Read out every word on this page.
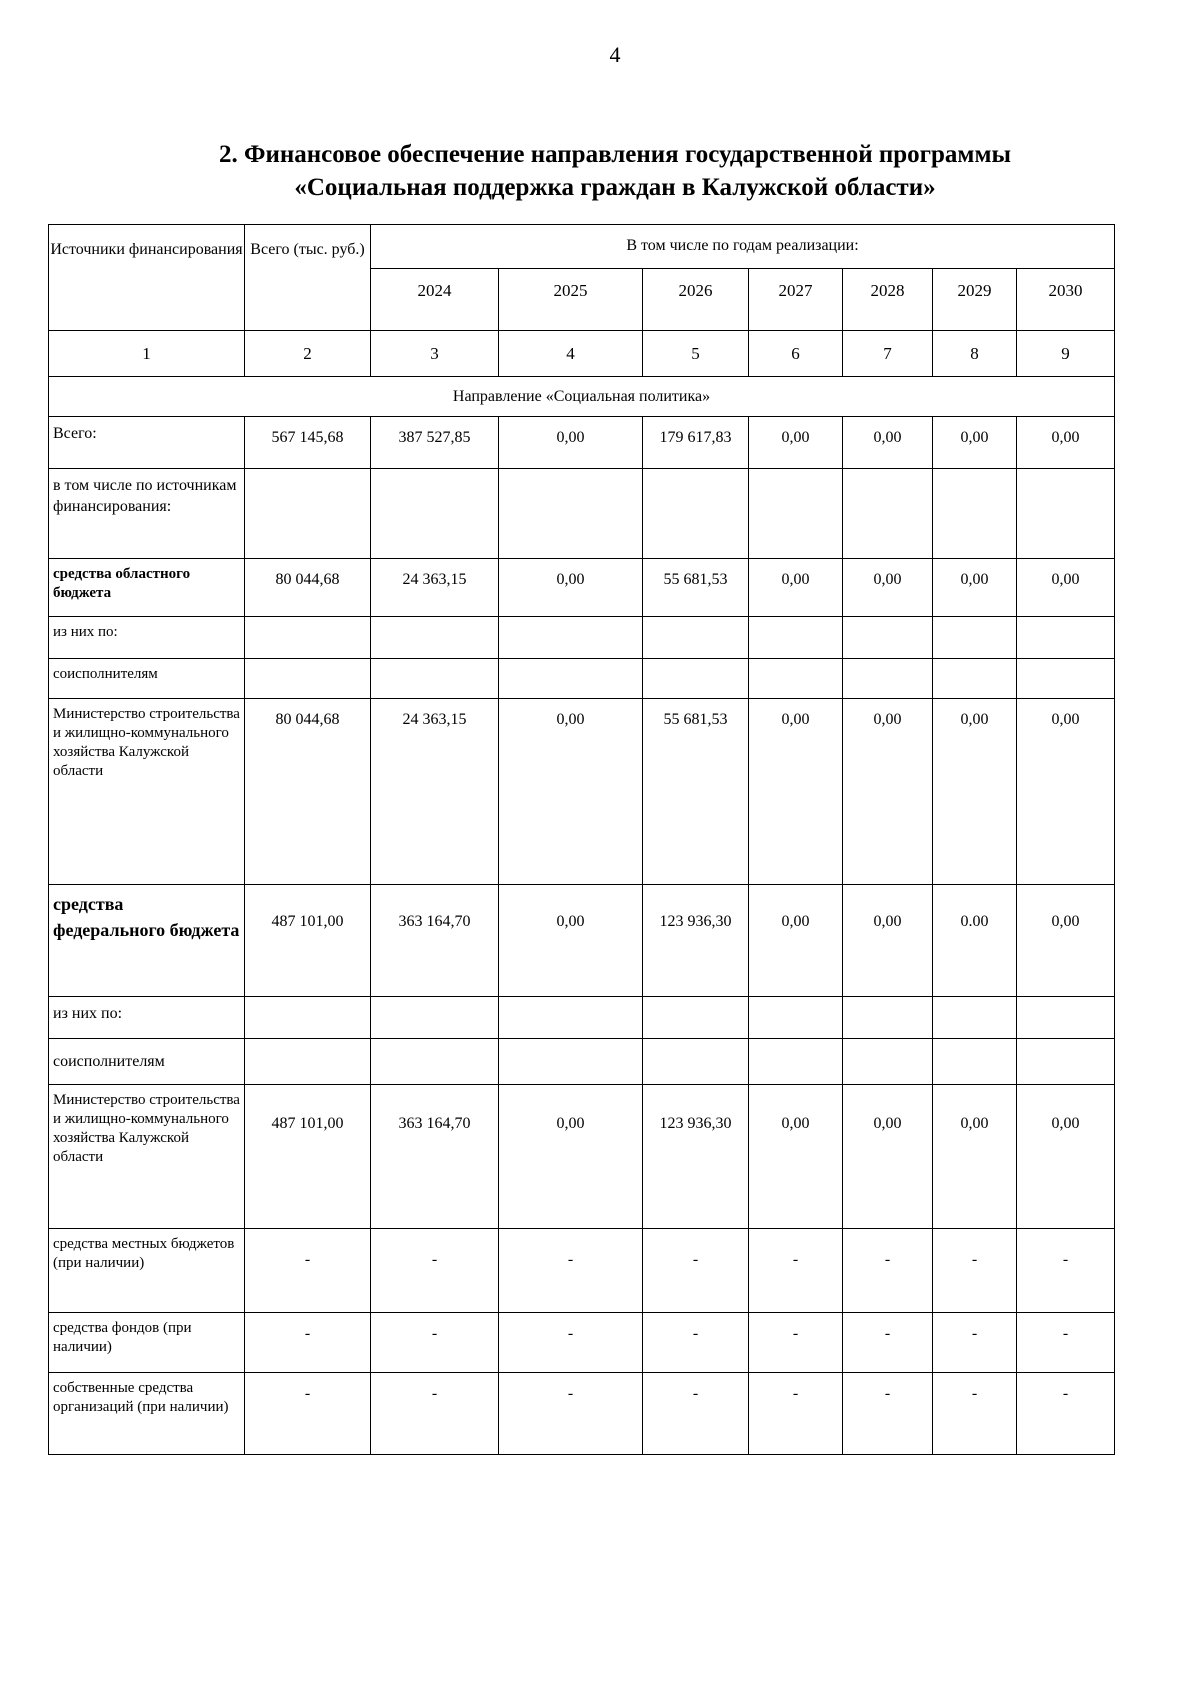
4
2. Финансовое обеспечение направления государственной программы
«Социальная поддержка граждан в Калужской области»
Источники финансирования	Всего (тыс. руб.)	В том числе по годам реализации:						
		2024	2025	2026	2027	2028	2029	2030
1	2	3	4	5	6	7	8	9
Направление «Социальная политика»								
Всего:	567 145,68	387 527,85	0,00	179 617,83	0,00	0,00	0,00	0,00
в том числе по источникам финансирования:								
средства областного бюджета	80 044,68	24 363,15	0,00	55 681,53	0,00	0,00	0,00	0,00
из них по:								
соисполнителям								
Министерство строительства и жилищно-коммунального хозяйства Калужской области	80 044,68	24 363,15	0,00	55 681,53	0,00	0,00	0,00	0,00
средства федерального бюджета	487 101,00	363 164,70	0,00	123 936,30	0,00	0,00	0.00	0,00
из них по:								
соисполнителям								
Министерство строительства и жилищно-коммунального хозяйства Калужской области	487 101,00	363 164,70	0,00	123 936,30	0,00	0,00	0,00	0,00
средства местных бюджетов (при наличии)	-	-	-	-	-	-	-	-
средства фондов (при наличии)	-	-	-	-	-	-	-	-
собственные средства организаций (при наличии)	-	-	-	-	-	-	-	-
